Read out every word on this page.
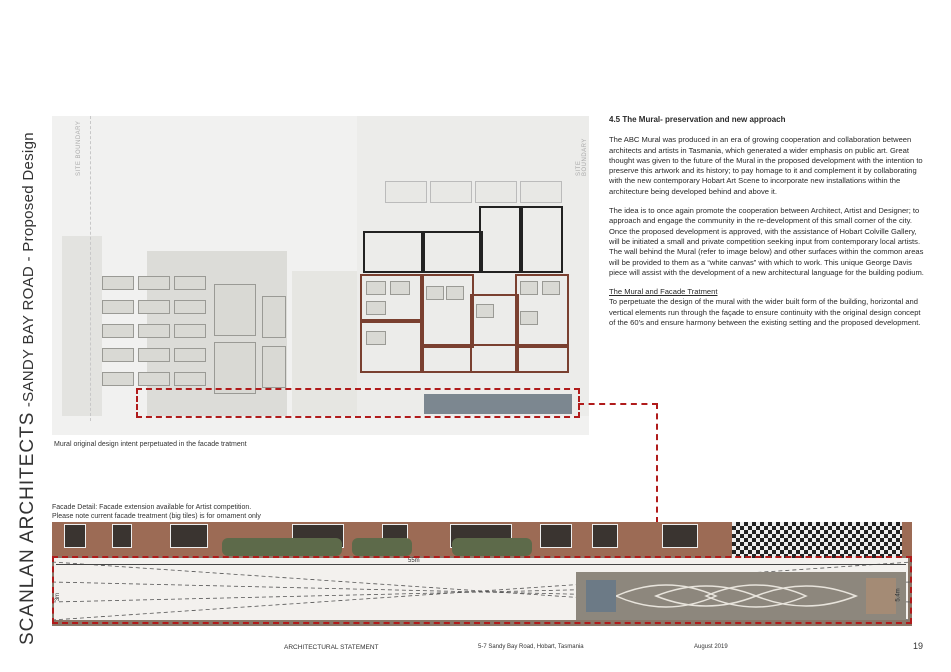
SCANLAN ARCHITECTS -SANDY BAY ROAD - Proposed Design	SITE BOUNDARY	SITE BOUNDARY
Mural original design intent perpetuated in the facade tratment
4.5 The Mural- preservation and new approach

The ABC Mural was produced in an era of growing cooperation and collaboration between architects and artists in Tasmania, which generated a wider emphasis on public art. Great thought was given to the future of the Mural in the proposed development with the intention to preserve this artwork and its history; to pay homage to it and complement it by collaborating with the new contemporary Hobart Art Scene to incorporate new installations within the architecture being developed behind and above it.

The idea is to once again promote the cooperation between Architect, Artist and Designer; to approach and engage the community in the re-development of this small corner of the city. Once the proposed development is approved, with the assistance of Hobart Colville Gallery, will be initiated a small and private competition seeking input from contemporary local artists. The wall behind the Mural (refer to image below) and other surfaces within the common areas will be provided to them as a “white canvas” with which to work. This unique George Davis piece will assist with the development of a new architectural language for the building podium.

The Mural and Facade Tratment
To perpetuate the design of the mural with the wider built form of the building, horizontal and vertical elements run through the façade to ensure continuity with the original design concept of the 60’s and ensure harmony between the existing setting and the proposed development.

Facade Detail: Facade extension available for Artist competition.
Please note current facade treatment (big tiles) is for ornament only
55m
3m	5.4m
ARCHITECTURAL STATEMENT	5-7 Sandy Bay Road, Hobart, Tasmania	August 2019	19
